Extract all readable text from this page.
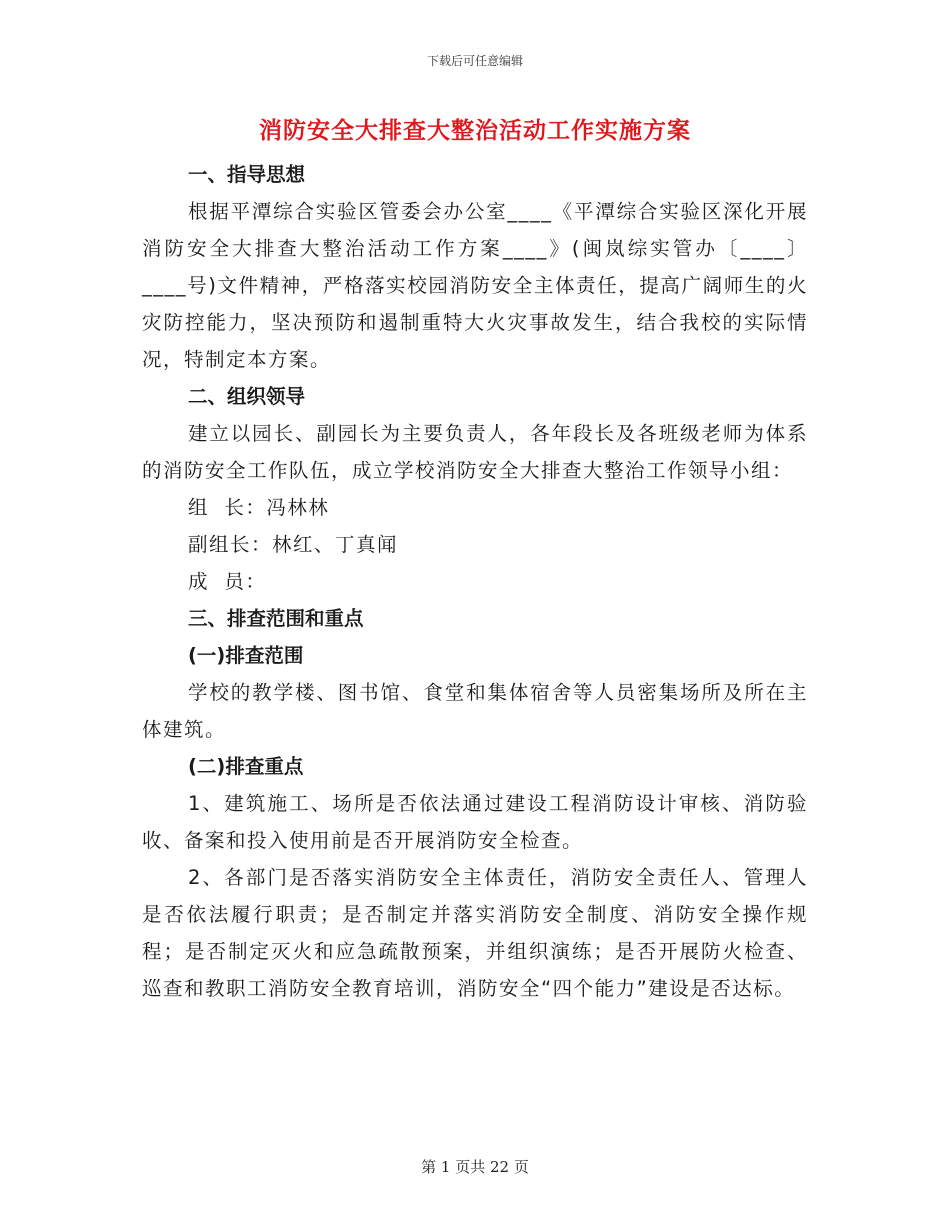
下载后可任意编辑
消防安全大排查大整治活动工作实施方案

一、指导思想

根据平潭综合实验区管委会办公室____《平潭综合实验区深化开展消防安全大排查大整治活动工作方案____》(闽岚综实管办〔____〕____号)文件精神，严格落实校园消防安全主体责任，提高广阔师生的火灾防控能力，坚决预防和遏制重特大火灾事故发生，结合我校的实际情况，特制定本方案。

二、组织领导

建立以园长、副园长为主要负责人，各年段长及各班级老师为体系的消防安全工作队伍，成立学校消防安全大排查大整治工作领导小组：

组  长：冯林林

副组长：林红、丁真闻

成  员：

三、排查范围和重点

(一)排查范围

学校的教学楼、图书馆、食堂和集体宿舍等人员密集场所及所在主体建筑。

(二)排查重点

1、建筑施工、场所是否依法通过建设工程消防设计审核、消防验收、备案和投入使用前是否开展消防安全检查。

2、各部门是否落实消防安全主体责任，消防安全责任人、管理人是否依法履行职责；是否制定并落实消防安全制度、消防安全操作规程；是否制定灭火和应急疏散预案，并组织演练；是否开展防火检查、巡查和教职工消防安全教育培训，消防安全“四个能力”建设是否达标。

第 1 页共 22 页
